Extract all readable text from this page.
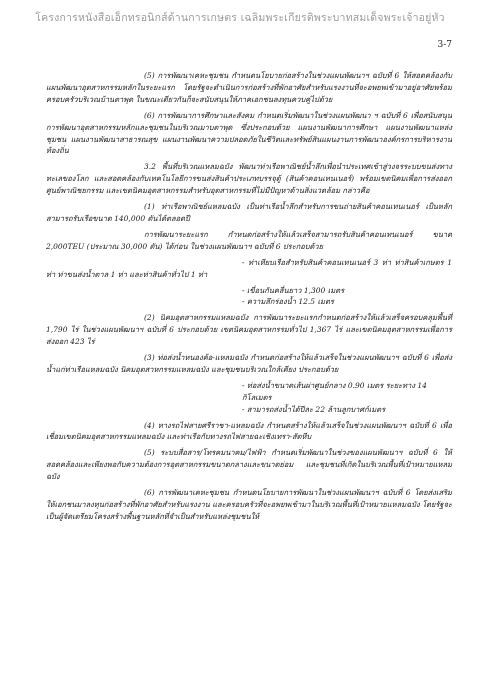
โครงการหนังสือเอ็กทรอนิกส์ด้านการเกษตร เฉลิมพระเกียรติพระบาทสมเด็จพระเจ้าอยู่หัว
3-7

(5) การพัฒนาเคหะชุมชน กำหนดนโยบายก่อสร้างในช่วงแผนพัฒนาฯ ฉบับที่ 6 ให้สอดคล้องกับแผนพัฒนาอุตสาหกรรมหลักในระยะแรก โดยรัฐจะดำเนินการก่อสร้างที่พักอาศัยสำหรับแรงงานที่จะอพยพเข้ามาอยู่อาศัยพร้อมครอบครัวบริเวณบ้านตาพุด ในขณะเดียวกันก็จะสนับสนุนให้ภาคเอกชนลงทุนควบคู่ไปด้วย

(6) การพัฒนาการศึกษาและสังคม กำหนดเริ่มพัฒนาในช่วงแผนพัฒนา ฯ ฉบับที่ 6 เพื่อสนับสนุนการพัฒนาอุตสาหกรรมหลักและชุมชนในบริเวณมาบตาพุด ซึ่งประกอบด้วย แผนงานพัฒนาการศึกษา แผนงานพัฒนาแหล่งชุมชน แผนงานพัฒนาสาธารณสุข แผนงานพัฒนาความปลอดภัยในชีวิตและทรัพย์สินแผนงานการพัฒนาองค์กรการบริหารงานท้องถิ่น

3.2 พื้นที่บริเวณแหลมฉบัง พัฒนาท่าเรือพาณิชย์น้ำลึกเพื่อนำประเทศเข้าสู่วงจรระบบขนส่งทางทะเลของโลก และสอดคล้องกับเทคโนโลยีการขนส่งสินค้าประเภทบรรจุตู้ (สินค้าคอนเทนเนอร์) พร้อมเขตนิคมเพื่อการส่งออก ศูนย์พาณิชยกรรม และเขตนิคมอุตสาหกรรมสำหรับอุตสาหกรรมที่ไม่มีปัญหาด้านสิ่งแวดล้อม กล่าวคือ

(1) ท่าเรือพาณิชย์แหลมฉบัง เป็นท่าเรือน้ำลึกสำหรับการขนถ่ายสินค้าคอนเทนเนอร์ เป็นหลัก สามารถรับเรือขนาด 140,000 ตันได้ตลอดปี

การพัฒนาระยะแรก กำหนดก่อสร้างให้แล้วเสร็จสามารถรับสินค้าคอนเทนเนอร์ ขนาด 2,000TEU (ประมาณ 30,000 ตัน) ได้ก่อน ในช่วงแผนพัฒนาฯ ฉบับที่ 6 ประกอบด้วย

- ท่าเทียบเรือสำหรับสินค้าคอนเทนเนอร์ 3 ท่า ท่าสินค้าเกษตร 1 ท่า ท่าขนส่งน้ำตาล 1 ท่า และท่าสินค้าทั่วไป 1 ท่า

- เขื่อนกันคลื่นยาว 1,300 เมตร

- ความลึกร่องน้ำ 12.5 เมตร

(2) นิคมอุตสาหกรรมแหลมฉบัง การพัฒนาระยะแรกกำหนดก่อสร้างให้แล้วเสร็จครอบคลุมพื้นที่ 1,790 ไร่ ในช่วงแผนพัฒนาฯ ฉบับที่ 6 ประกอบด้วย เขตนิคมอุตสาหกรรมทั่วไป 1,367 ไร่ และเขตนิคมอุตสาหกรรมเพื่อการส่งออก 423 ไร่

(3) ท่อส่งน้ำหนองค้อ-แหลมฉบัง กำหนดก่อสร้างให้แล้วเสร็จในช่วงแผนพัฒนาฯ ฉบับที่ 6 เพื่อส่งน้ำแก่ท่าเรือแหลมฉบัง นิคมอุตสาหกรรมแหลมฉบัง และชุมชนบริเวณใกล้เคียง ประกอบด้วย

- ท่อส่งน้ำขนาดเส้นผ่าศูนย์กลาง 0.90 เมตร ระยะทาง 14 กิโลเมตร

- สามารถส่งน้ำได้ปีละ 22 ล้านลูกบาศก์เมตร

(4) ทางรถไฟสายศรีราชา-แหลมฉบัง กำหนดสร้างให้แล้วเสร็จในช่วงแผนพัฒนาฯ ฉบับที่ 6 เพื่อเชื่อมเขตนิคมอุตสาหกรรมแหลมฉบัง และท่าเรือกับทางรถไฟสายฉะเชิงเทรา-สัตหีบ

(5) ระบบสื่อสาร/โทรคมนาคม/ไฟฟ้า กำหนดเริ่มพัฒนาในช่วงของแผนพัฒนาฯ ฉบับที่ 6 ให้สอดคล้องและเพียงพอกับความต้องการอุตสาหกรรมขนาดกลางและขนาดย่อม และชุมชนที่เกิดในบริเวณพื้นที่เป้าหมายแหลมฉบัง

(6) การพัฒนาเคหะชุมชน กำหนดนโยบายการพัฒนาในช่วงแผนพัฒนาฯ ฉบับที่ 6 โดยส่งเสริมให้เอกชนมาลงทุนก่อสร้างที่พักอาศัยสำหรับแรงงาน และครอบครัวที่จะอพยพเข้ามาในบริเวณพื้นที่เป้าหมายแหลมฉบัง โดยรัฐจะเป็นผู้จัดเตรียมโครงสร้างพื้นฐานหลักที่จำเป็นสำหรับแหล่งชุมชนให้
